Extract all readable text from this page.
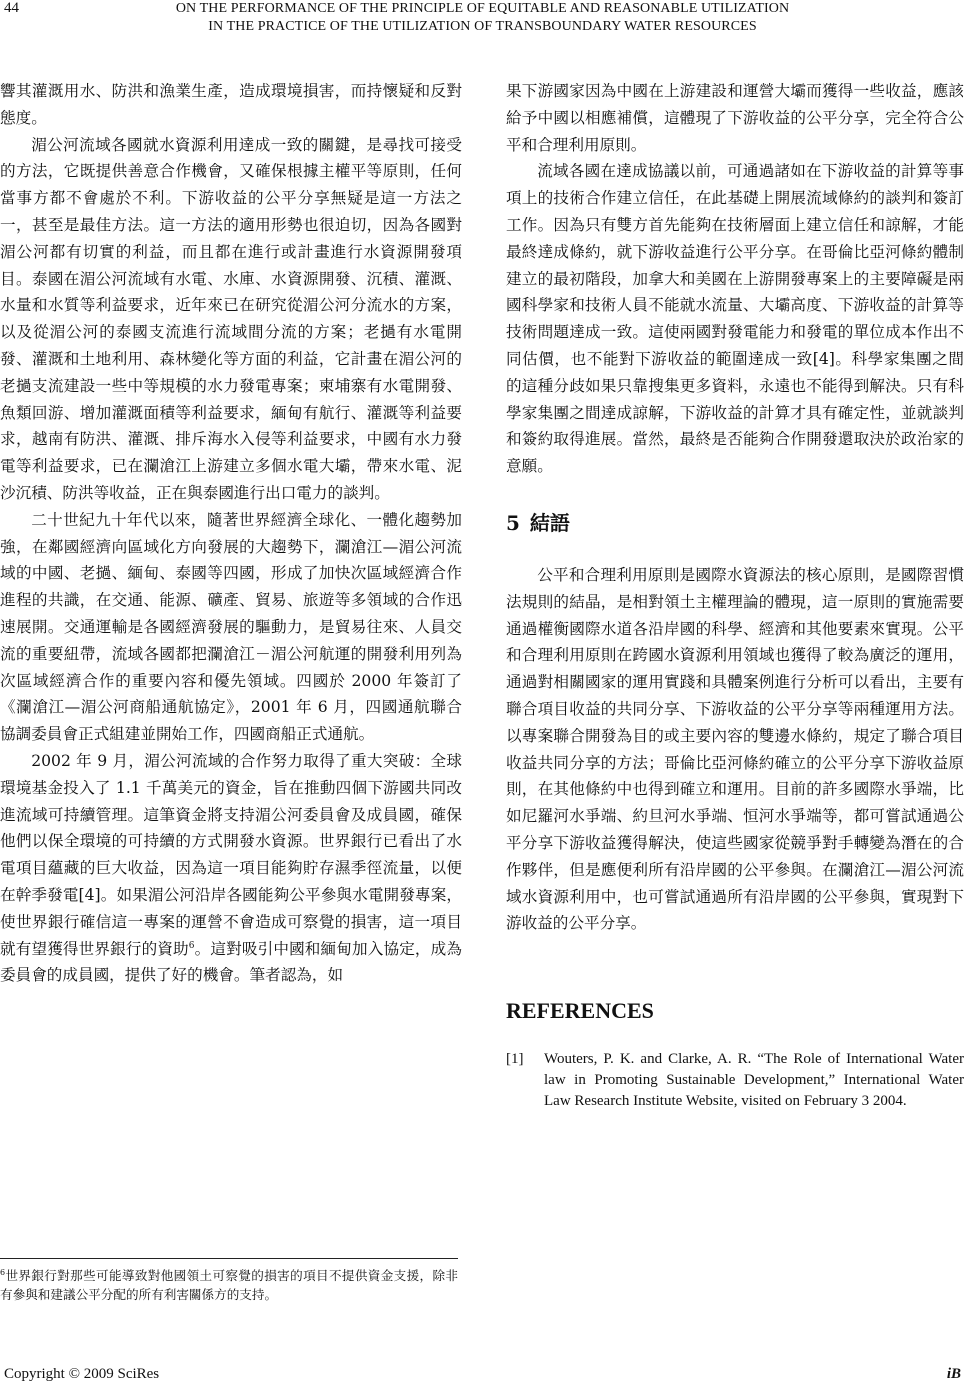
44	ON THE PERFORMANCE OF THE PRINCIPLE OF EQUITABLE AND REASONABLE UTILIZATION
IN THE PRACTICE OF THE UTILIZATION OF TRANSBOUNDARY WATER RESOURCES

響其灌溉用水、防洪和漁業生產，造成環境損害，而持懷疑和反對態度。

湄公河流域各國就水資源利用達成一致的關鍵，是尋找可接受的方法，它既提供善意合作機會，又確保根據主權平等原則，任何當事方都不會處於不利。下游收益的公平分享無疑是這一方法之一，甚至是最佳方法。這一方法的適用形勢也很迫切，因為各國對湄公河都有切實的利益，而且都在進行或計畫進行水資源開發項目。泰國在湄公河流域有水電、水庫、水資源開發、沉積、灌溉、水量和水質等利益要求，近年來已在研究從湄公河分流水的方案，以及從湄公河的泰國支流進行流域間分流的方案；老撾有水電開發、灌溉和土地利用、森林變化等方面的利益，它計畫在湄公河的老撾支流建設一些中等規模的水力發電專案；柬埔寨有水電開發、魚類回游、增加灌溉面積等利益要求，緬甸有航行、灌溉等利益要求，越南有防洪、灌溉、排斥海水入侵等利益要求，中國有水力發電等利益要求，已在瀾滄江上游建立多個水電大壩，帶來水電、泥沙沉積、防洪等收益，正在與泰國進行出口電力的談判。

二十世紀九十年代以來，隨著世界經濟全球化、一體化趨勢加強，在鄰國經濟向區域化方向發展的大趨勢下，瀾滄江—湄公河流域的中國、老撾、緬甸、泰國等四國，形成了加快次區域經濟合作進程的共識，在交通、能源、礦產、貿易、旅遊等多領域的合作迅速展開。交通運輸是各國經濟發展的驅動力，是貿易往來、人員交流的重要紐帶，流域各國都把瀾滄江－湄公河航運的開發利用列為次區域經濟合作的重要內容和優先領域。四國於 2000 年簽訂了《瀾滄江—湄公河商船通航協定》，2001 年 6 月，四國通航聯合協調委員會正式組建並開始工作，四國商船正式通航。

2002 年 9 月，湄公河流域的合作努力取得了重大突破：全球環境基金投入了 1.1 千萬美元的資金，旨在推動四個下游國共同改進流域可持續管理。這筆資金將支持湄公河委員會及成員國，確保他們以保全環境的可持續的方式開發水資源。世界銀行已看出了水電項目蘊藏的巨大收益，因為這一項目能夠貯存濕季徑流量，以便在幹季發電[4]。如果湄公河沿岸各國能夠公平參與水電開發專案，使世界銀行確信這一專案的運營不會造成可察覺的損害，這一項目就有望獲得世界銀行的資助$^6$。這對吸引中國和緬甸加入協定，成為委員會的成員國，提供了好的機會。筆者認為，如

果下游國家因為中國在上游建設和運營大壩而獲得一些收益，應該給予中國以相應補償，這體現了下游收益的公平分享，完全符合公平和合理利用原則。

流域各國在達成協議以前，可通過諸如在下游收益的計算等事項上的技術合作建立信任，在此基礎上開展流域條約的談判和簽訂工作。因為只有雙方首先能夠在技術層面上建立信任和諒解，才能最終達成條約，就下游收益進行公平分享。在哥倫比亞河條約體制建立的最初階段，加拿大和美國在上游開發專案上的主要障礙是兩國科學家和技術人員不能就水流量、大壩高度、下游收益的計算等技術問題達成一致。這使兩國對發電能力和發電的單位成本作出不同估價，也不能對下游收益的範圍達成一致[4]。科學家集團之間的這種分歧如果只靠搜集更多資料，永遠也不能得到解決。只有科學家集團之間達成諒解，下游收益的計算才具有確定性，並就談判和簽約取得進展。當然，最終是否能夠合作開發還取決於政治家的意願。

5 結語

公平和合理利用原則是國際水資源法的核心原則，是國際習慣法規則的結晶，是相對領土主權理論的體現，這一原則的實施需要通過權衡國際水道各沿岸國的科學、經濟和其他要素來實現。公平和合理利用原則在跨國水資源利用領域也獲得了較為廣泛的運用，通過對相關國家的運用實踐和具體案例進行分析可以看出，主要有聯合項目收益的共同分享、下游收益的公平分享等兩種運用方法。以專案聯合開發為目的或主要內容的雙邊水條約，規定了聯合項目收益共同分享的方法；哥倫比亞河條約確立的公平分享下游收益原則，在其他條約中也得到確立和運用。目前的許多國際水爭端，比如尼羅河水爭端、約旦河水爭端、恒河水爭端等，都可嘗試通過公平分享下游收益獲得解決，使這些國家從競爭對手轉變為潛在的合作夥伴，但是應便利所有沿岸國的公平參與。在瀾滄江—湄公河流域水資源利用中，也可嘗試通過所有沿岸國的公平參與，實現對下游收益的公平分享。

REFERENCES
[1]	Wouters, P. K. and Clarke, A. R. “The Role of International Water law in Promoting Sustainable Development,” International Water Law Research Institute Website, visited on February 3 2004.
$^6$世界銀行對那些可能導致對他國領土可察覺的損害的項目不提供資金支援，除非有參與和建議公平分配的所有利害關係方的支持。
Copyright © 2009 SciRes	iB
